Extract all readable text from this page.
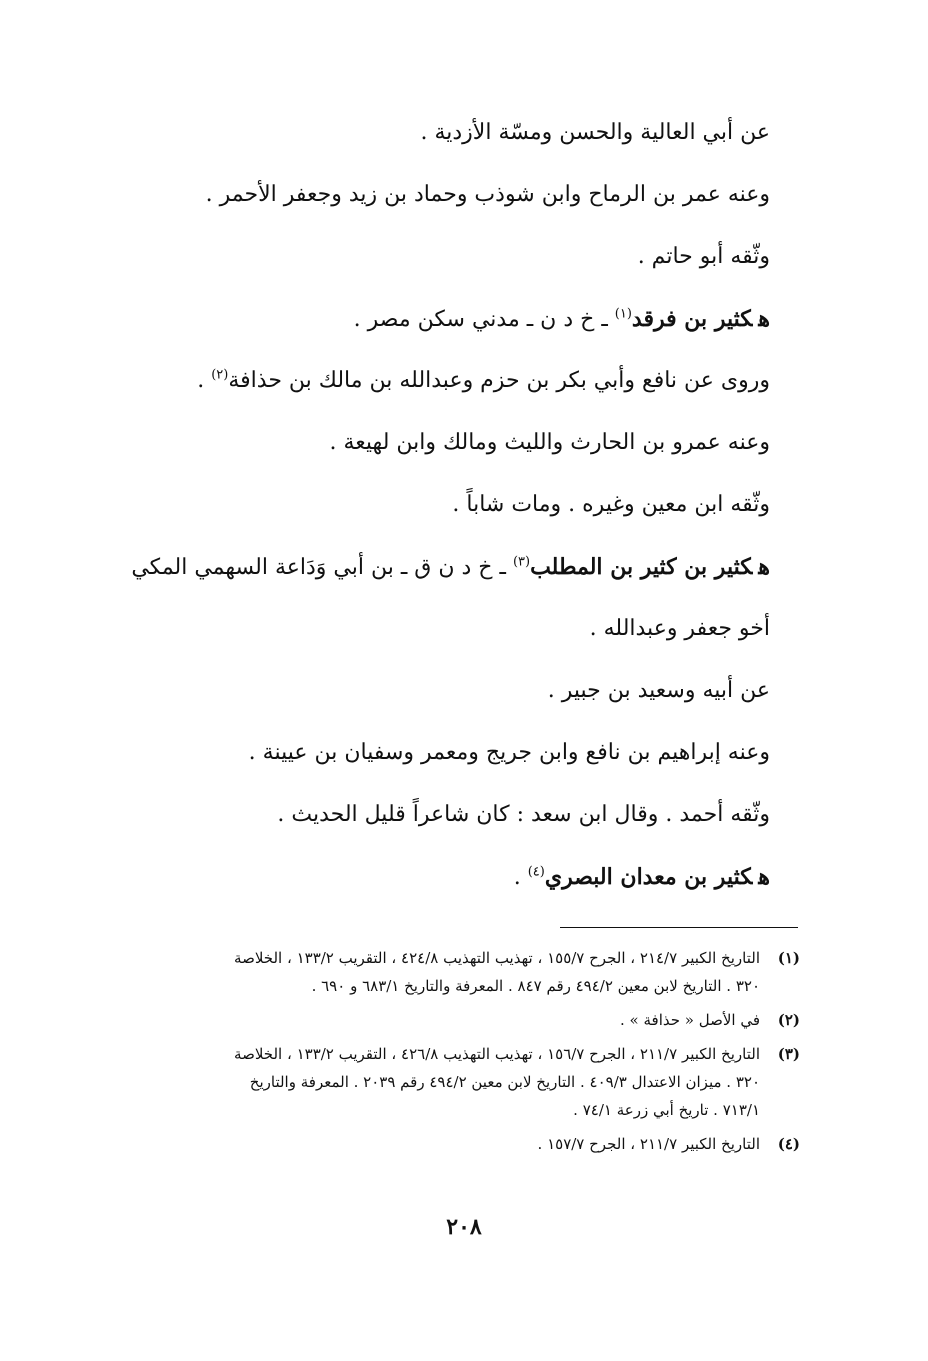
عن أبي العالية والحسن ومسّة الأزدية .
وعنه عمر بن الرماح وابن شوذب وحماد بن زيد وجعفر الأحمر .
وثّقه أبو حاتم .
هكثير بن فرقد$^{(١)}$ ـ خ د ن ـ مدني سكن مصر .
وروى عن نافع وأبي بكر بن حزم وعبدالله بن مالك بن حذافة$^{(٢)}$ .
وعنه عمرو بن الحارث والليث ومالك وابن لهيعة .
وثّقه ابن معين وغيره . ومات شاباً .
هكثير بن كثير بن المطلب$^{(٣)}$ ـ خ د ن ق ـ بن أبي وَدَاعة السهمي المكي
أخو جعفر وعبدالله .
عن أبيه وسعيد بن جبير .
وعنه إبراهيم بن نافع وابن جريج ومعمر وسفيان بن عيينة .
وثّقه أحمد . وقال ابن سعد : كان شاعراً قليل الحديث .
هكثير بن معدان البصري$^{(٤)}$ .
(١)
التاريخ الكبير ٢١٤/٧ ، الجرح ١٥٥/٧ ، تهذيب التهذيب ٤٢٤/٨ ، التقريب ١٣٣/٢ ، الخلاصة
٣٢٠ . التاريخ لابن معين ٤٩٤/٢ رقم ٨٤٧ . المعرفة والتاريخ ٦٨٣/١ و ٦٩٠ .
(٢)
في الأصل « حذافة » .
(٣)
التاريخ الكبير ٢١١/٧ ، الجرح ١٥٦/٧ ، تهذيب التهذيب ٤٢٦/٨ ، التقريب ١٣٣/٢ ، الخلاصة
٣٢٠ . ميزان الاعتدال ٤٠٩/٣ . التاريخ لابن معين ٤٩٤/٢ رقم ٢٠٣٩ . المعرفة والتاريخ
٧١٣/١ . تاريخ أبي زرعة ٧٤/١ .
(٤)
التاريخ الكبير ٢١١/٧ ، الجرح ١٥٧/٧ .
٢٠٨
